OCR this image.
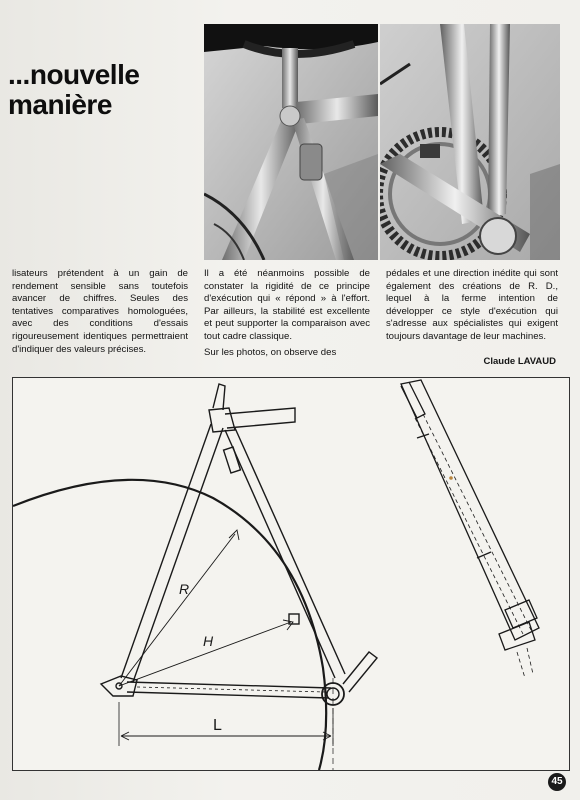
...nouvelle
manière

lisateurs prétendent à un gain de rendement sensible sans toutefois avancer de chiffres. Seules des tentatives comparatives homologuées, avec des conditions d'essais rigoureusement identiques permettraient d'indiquer des valeurs précises.

Il a été néanmoins possible de constater la rigidité de ce principe d'exécution qui « répond » à l'effort. Par ailleurs, la stabilité est excellente et peut supporter la comparaison avec tout cadre classique.

Sur les photos, on observe des

pédales et une direction inédite qui sont également des créations de R. D., lequel à la ferme intention de développer ce style d'exécution qui s'adresse aux spécialistes qui exigent toujours davantage de leur machines.

Claude LAVAUD
R
H
L
45
